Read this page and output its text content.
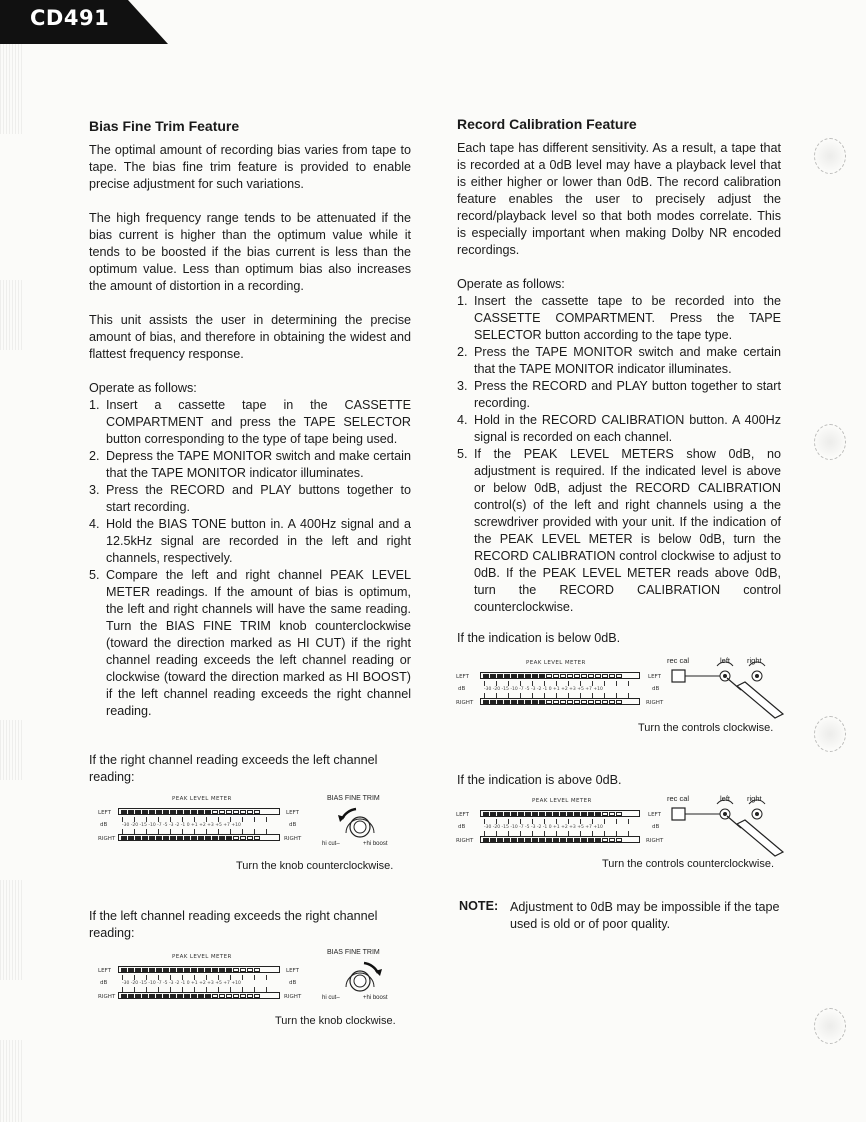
CD491
Bias Fine Trim Feature

The optimal amount of recording bias varies from tape to tape. The bias fine trim feature is provided to enable precise adjustment for such variations.

The high frequency range tends to be attenuated if the bias current is higher than the optimum value while it tends to be boosted if the bias current is less than the optimum value. Less than optimum bias also increases the amount of distortion in a recording.

This unit assists the user in determining the precise amount of bias, and therefore in obtaining the widest and flattest frequency response.

Operate as follows:

1. Insert a cassette tape in the CASSETTE COMPARTMENT and press the TAPE SELECTOR button corresponding to the type of tape being used.
2. Depress the TAPE MONITOR switch and make certain that the TAPE MONITOR indicator illuminates.
3. Press the RECORD and PLAY buttons together to start recording.
4. Hold the BIAS TONE button in. A 400Hz signal and a 12.5kHz signal are recorded in the left and right channels, respectively.
5. Compare the left and right channel PEAK LEVEL METER readings. If the amount of bias is optimum, the left and right channels will have the same reading. Turn the BIAS FINE TRIM knob counterclockwise (toward the direction marked as HI CUT) if the right channel reading exceeds the left channel reading or clockwise (toward the direction marked as HI BOOST) if the left channel reading exceeds the right channel reading.
If the right channel reading exceeds the left channel reading:
PEAK LEVEL METER
LEFT	LEFT
dB	-30 -20 -15 -10 -7 -5 -3 -2 -1 0 +1 +2 +3 +5 +7 +10	dB
RIGHT	RIGHT
BIAS FINE TRIM
hi cut–	+hi boost
Turn the knob counterclockwise.
If the left channel reading exceeds the right channel reading:
PEAK LEVEL METER
LEFT	LEFT
dB	-30 -20 -15 -10 -7 -5 -3 -2 -1 0 +1 +2 +3 +5 +7 +10	dB
RIGHT	RIGHT
BIAS FINE TRIM
hi cut–	+hi boost
Turn the knob clockwise.
Record Calibration Feature

Each tape has different sensitivity. As a result, a tape that is recorded at a 0dB level may have a playback level that is either higher or lower than 0dB. The record calibration feature enables the user to precisely adjust the record/playback level so that both modes correlate. This is especially important when making Dolby NR encoded recordings.

Operate as follows:

1. Insert the cassette tape to be recorded into the CASSETTE COMPARTMENT. Press the TAPE SELECTOR button according to the tape type.
2. Press the TAPE MONITOR switch and make certain that the TAPE MONITOR indicator illuminates.
3. Press the RECORD and PLAY button together to start recording.
4. Hold in the RECORD CALIBRATION button. A 400Hz signal is recorded on each channel.
5. If the PEAK LEVEL METERS show 0dB, no adjustment is required. If the indicated level is above or below 0dB, adjust the RECORD CALIBRATION control(s) of the left and right channels using a the screwdriver provided with your unit. If the indication of the PEAK LEVEL METER is below 0dB, turn the RECORD CALIBRATION control clockwise to adjust to 0dB. If the PEAK LEVEL METER reads above 0dB, turn the RECORD CALIBRATION control counterclockwise.
If the indication is below 0dB.
PEAK LEVEL METER
LEFT	LEFT
dB	-30 -20 -15 -10 -7 -5 -3 -2 -1 0 +1 +2 +3 +5 +7 +10	dB
RIGHT	RIGHT
rec cal	left right
Turn the controls clockwise.
If the indication is above 0dB.
PEAK LEVEL METER
LEFT	LEFT
dB	-30 -20 -15 -10 -7 -5 -3 -2 -1 0 +1 +2 +3 +5 +7 +10	dB
RIGHT	RIGHT
rec cal	left right
Turn the controls counterclockwise.
NOTE: Adjustment to 0dB may be impossible if the tape used is old or of poor quality.
